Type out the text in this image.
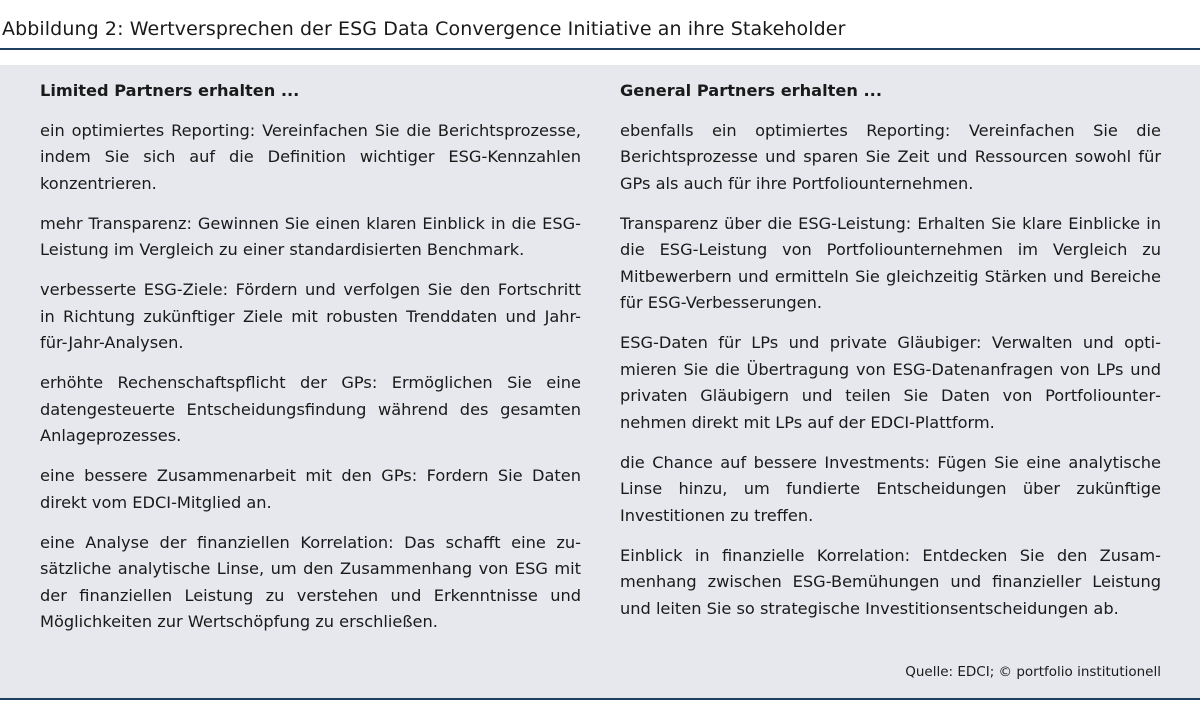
Abbildung 2: Wertversprechen der ESG Data Convergence Initiative an ihre Stakeholder
Limited Partners erhalten ...

ein optimiertes Reporting: Vereinfachen Sie die Berichtsprozesse, indem Sie sich auf die Definition wichtiger ESG-Kennzahlen konzentrieren.

mehr Transparenz: Gewinnen Sie einen klaren Einblick in die ESG-Leistung im Vergleich zu einer standardisierten Benchmark.

verbesserte ESG-Ziele: Fördern und verfolgen Sie den Fortschritt in Richtung zukünftiger Ziele mit robusten Trenddaten und Jahr-für-Jahr-Analysen.

erhöhte Rechenschaftspflicht der GPs: Ermöglichen Sie eine datengesteuerte Entscheidungsfindung während des gesamten Anlageprozesses.

eine bessere Zusammenarbeit mit den GPs: Fordern Sie Daten direkt vom EDCI-Mitglied an.

eine Analyse der finanziellen Korrelation: Das schafft eine zusätzliche analytische Linse, um den Zusammenhang von ESG mit der finanziellen Leistung zu verstehen und Erkenntnisse und Möglichkeiten zur Wertschöpfung zu erschließen.

General Partners erhalten ...

ebenfalls ein optimiertes Reporting: Vereinfachen Sie die Berichtsprozesse und sparen Sie Zeit und Ressourcen sowohl für GPs als auch für ihre Portfoliounternehmen.

Transparenz über die ESG-Leistung: Erhalten Sie klare Einblicke in die ESG-Leistung von Portfoliounternehmen im Vergleich zu Mitbewerbern und ermitteln Sie gleichzeitig Stärken und Bereiche für ESG-Verbesserungen.

ESG-Daten für LPs und private Gläubiger: Verwalten und optimieren Sie die Übertragung von ESG-Datenanfragen von LPs und privaten Gläubigern und teilen Sie Daten von Portfoliounternehmen direkt mit LPs auf der EDCI-Plattform.

die Chance auf bessere Investments: Fügen Sie eine analytische Linse hinzu, um fundierte Entscheidungen über zukünftige Investitionen zu treffen.

Einblick in finanzielle Korrelation: Entdecken Sie den Zusammenhang zwischen ESG-Bemühungen und finanzieller Leistung und leiten Sie so strategische Investitionsentscheidungen ab.

Quelle: EDCI; © portfolio institutionell
